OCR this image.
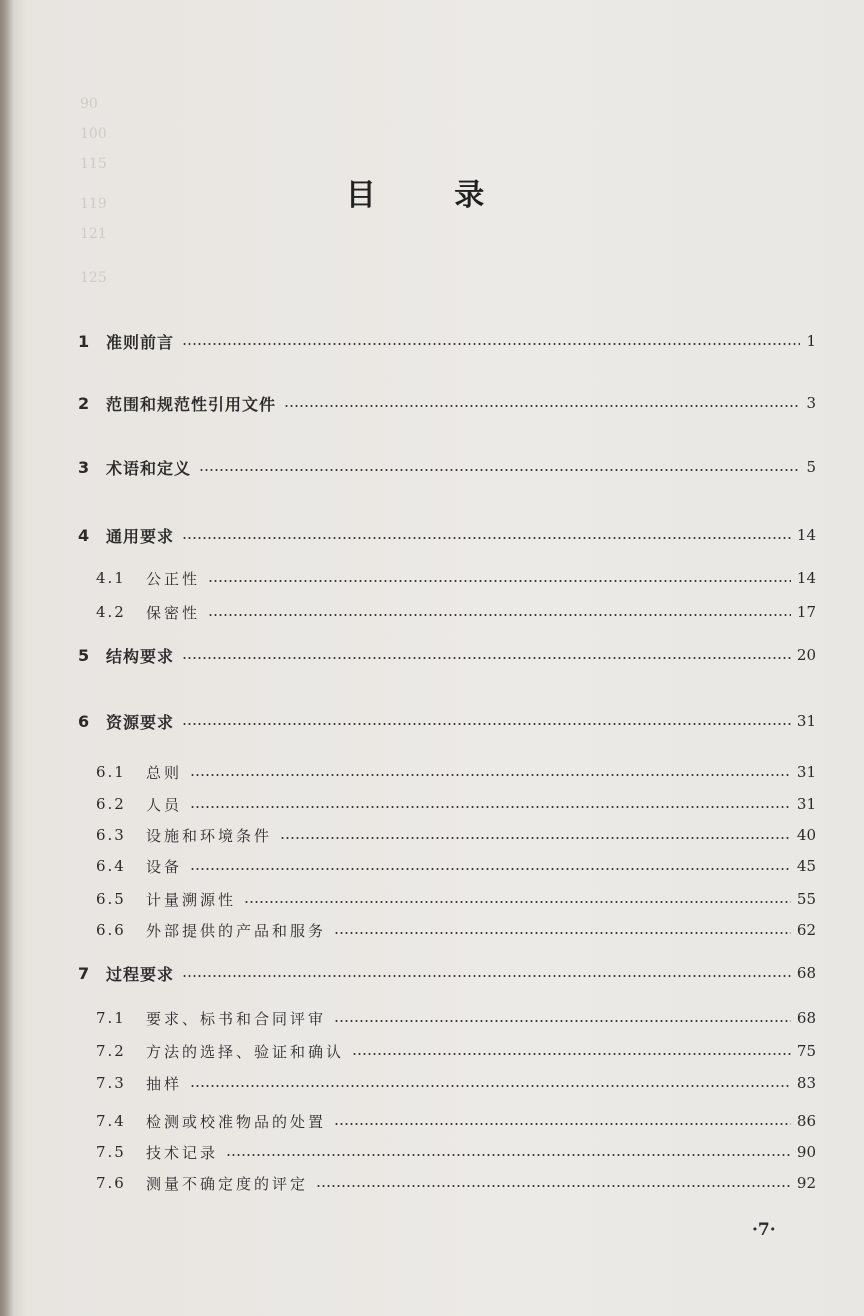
90
100
115
119
121
125
目 录
1 准则前言	1
2 范围和规范性引用文件	3
3 术语和定义	5
4 通用要求	14
4.1 公正性	14
4.2 保密性	17
5 结构要求	20
6 资源要求	31
6.1 总则	31
6.2 人员	31
6.3 设施和环境条件	40
6.4 设备	45
6.5 计量溯源性	55
6.6 外部提供的产品和服务	62
7 过程要求	68
7.1 要求、标书和合同评审	68
7.2 方法的选择、验证和确认	75
7.3 抽样	83
7.4 检测或校准物品的处置	86
7.5 技术记录	90
7.6 测量不确定度的评定	92
·7·
